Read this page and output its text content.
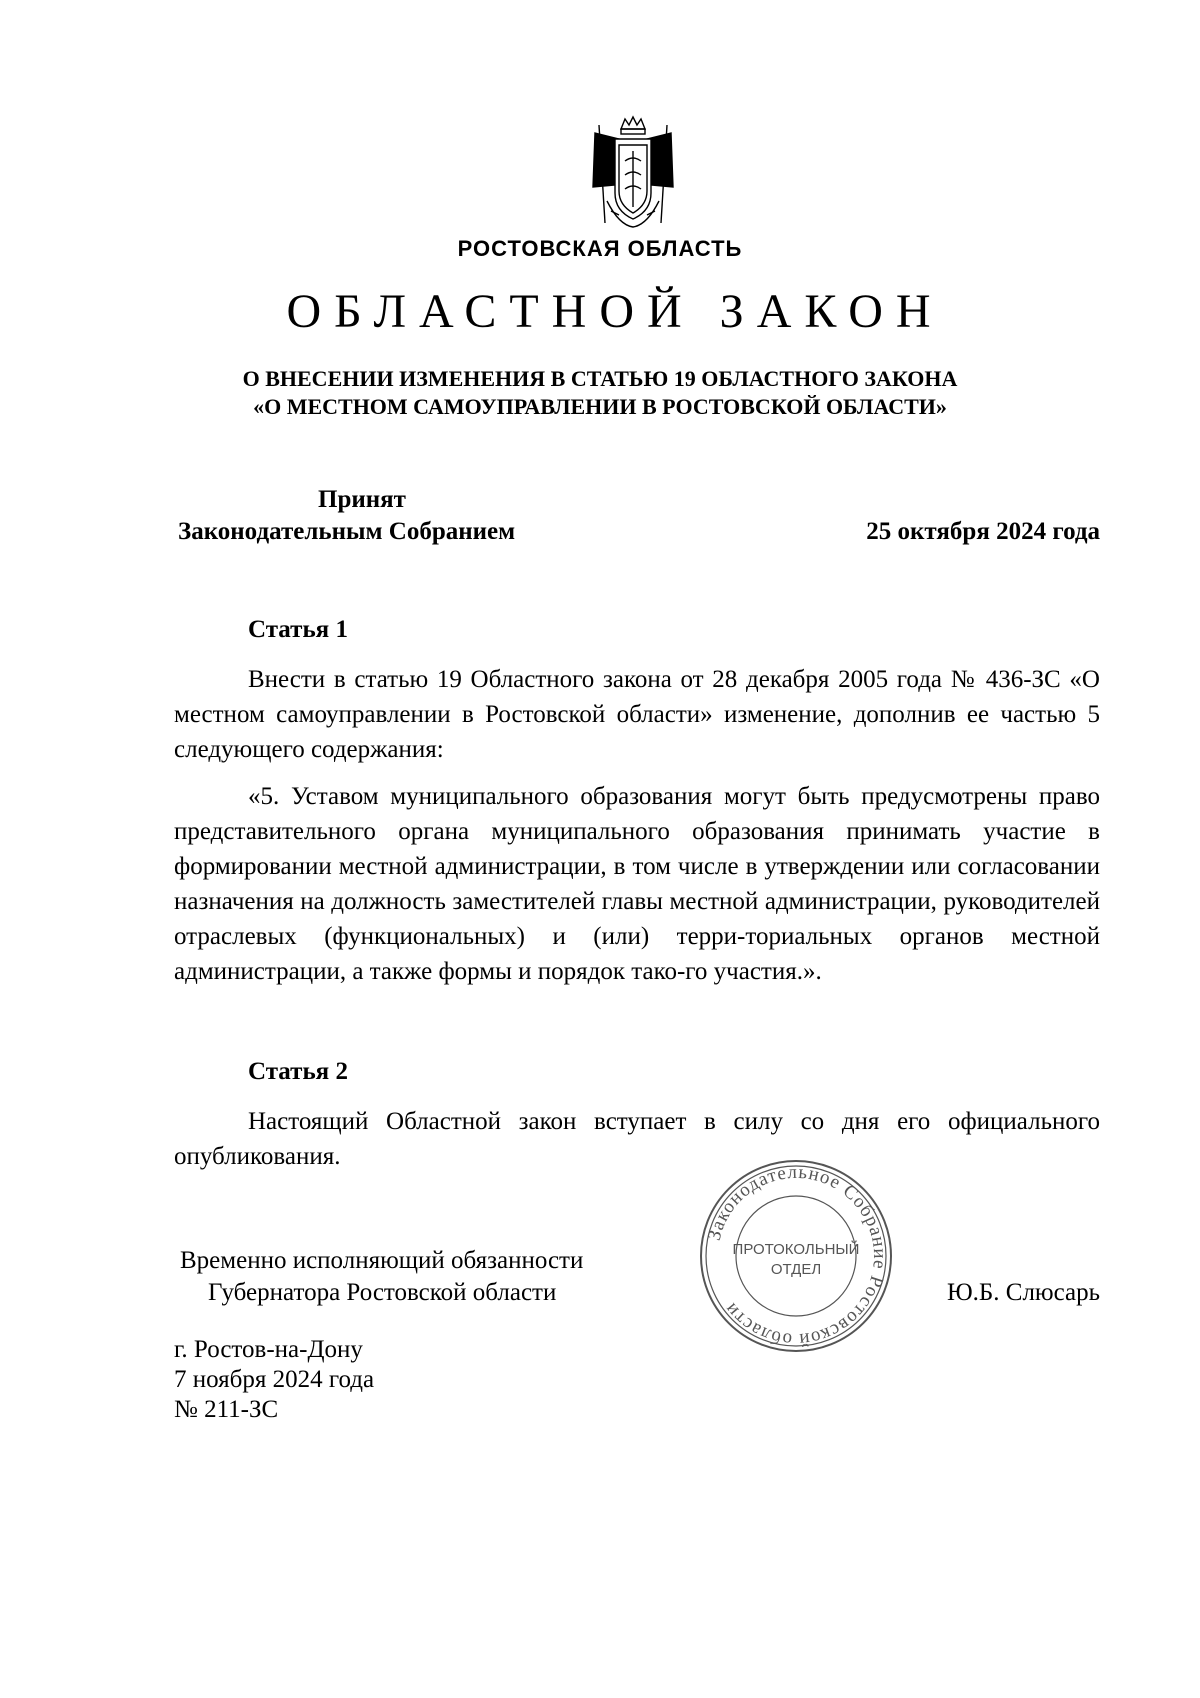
РОСТОВСКАЯ ОБЛАСТЬ
ОБЛАСТНОЙ ЗАКОН
О ВНЕСЕНИИ ИЗМЕНЕНИЯ В СТАТЬЮ 19 ОБЛАСТНОГО ЗАКОНА
«О МЕСТНОМ САМОУПРАВЛЕНИИ В РОСТОВСКОЙ ОБЛАСТИ»
Принят
Законодательным Собранием	25 октября 2024 года
Статья 1

Внести в статью 19 Областного закона от 28 декабря 2005 года № 436-ЗС «О местном самоуправлении в Ростовской области» изменение, дополнив ее частью 5 следующего содержания:

«5. Уставом муниципального образования могут быть предусмотрены право представительного органа муниципального образования принимать участие в формировании местной администрации, в том числе в утверждении или согласовании назначения на должность заместителей главы местной администрации, руководителей отраслевых (функциональных) и (или) терри-ториальных органов местной администрации, а также формы и порядок тако-го участия.».

Статья 2

Настоящий Областной закон вступает в силу со дня его официального опубликования.

Временно исполняющий обязанности
Губернатора Ростовской области	Ю.Б. Слюсарь
Законодательное Собрание Ростовской области
ПРОТОКОЛЬНЫЙ
ОТДЕЛ
г. Ростов-на-Дону
7 ноября 2024 года
№ 211-ЗС
